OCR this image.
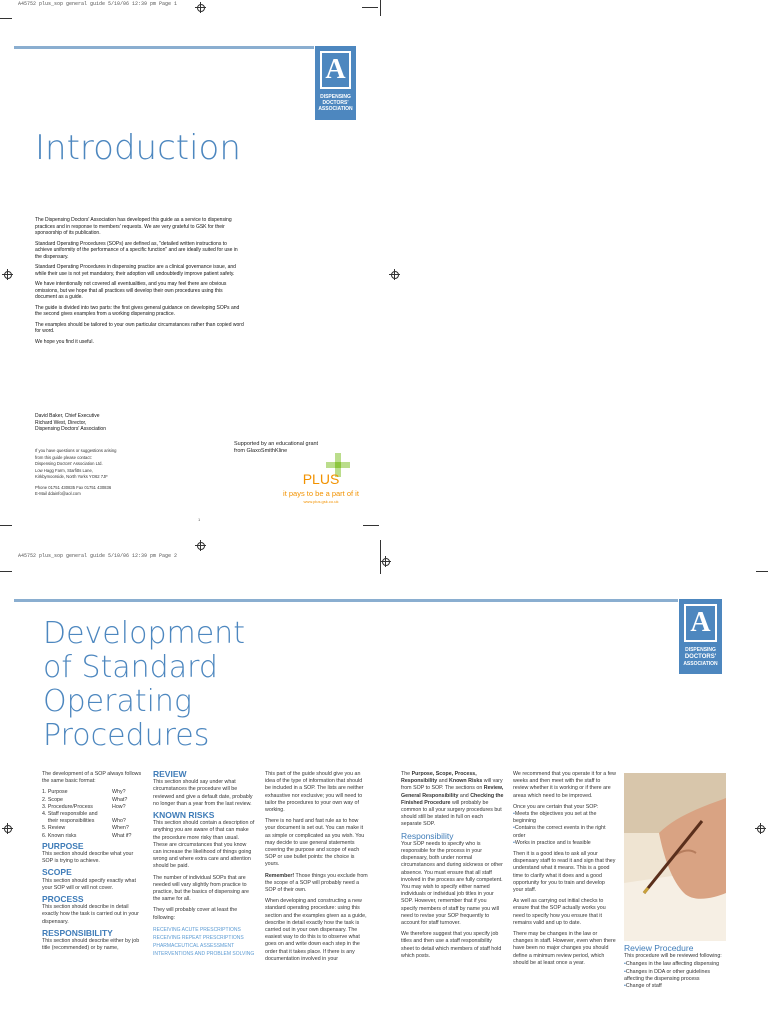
A45752 plus_sop general guide 5/10/06 12:39 pm Page 1
A
DISPENSING
DOCTORS'
ASSOCIATION
Introduction

The Dispensing Doctors' Association has developed this guide as a service to dispensing practices and in response to members' requests. We are very grateful to GSK for their sponsorship of its publication.

Standard Operating Procedures (SOPs) are defined as, "detailed written instructions to achieve uniformity of the performance of a specific function" and are ideally suited for use in the dispensary.

Standard Operating Procedures in dispensing practice are a clinical governance issue, and while their use is not yet mandatory, their adoption will undoubtedly improve patient safety.

We have intentionally not covered all eventualities, and you may feel there are obvious omissions, but we hope that all practices will develop their own procedures using this document as a guide.

The guide is divided into two parts: the first gives general guidance on developing SOPs and the second gives examples from a working dispensing practice.

The examples should be tailored to your own particular circumstances rather than copied word for word.

We hope you find it useful.

David Baker, Chief Executive

Richard West, Director,

Dispensing Doctors' Association

If you have questions or suggestions arising
from this guide please contact:
Dispensing Doctors' Association Ltd.
Low Hagg Farm, Starfitts Lane,
Kirkbymoorside, North Yorks YO62 7JF
Phone 01751 430835 Fax 01751 430836
E-Mail ddainfo@aol.com
Supported by an educational grant
from GlaxoSmithKline
PLUS
it pays to be a part of it
www.plus.gsk.co.uk
1
A45752 plus_sop general guide 5/10/06 12:39 pm Page 2
A
DISPENSING
DOCTORS'
ASSOCIATION
Development
of Standard
Operating
Procedures

The development of a SOP always follows the same basic format:

1. Purpose	Why?
2. Scope	What?
3. Procedure/Process	How?
4. Staff responsible and
their responsibilities	Who?
5. Review	When?
6. Known risks	What if?
PURPOSE

This section should describe what your SOP is trying to achieve.

SCOPE

This section should specify exactly what your SOP will or will not cover.

PROCESS

This section should describe in detail exactly how the task is carried out in your dispensary.

RESPONSIBILITY

This section should describe either by job title (recommended) or by name,

REVIEW

This section should say under what circumstances the procedure will be reviewed and give a default date, probably no longer than a year from the last review.

KNOWN RISKS

This section should contain a description of anything you are aware of that can make the procedure more risky than usual. These are circumstances that you know can increase the likelihood of things going wrong and where extra care and attention should be paid.

The number of individual SOPs that are needed will vary slightly from practice to practice, but the basics of dispensing are the same for all.

They will probably cover at least the following:

RECEIVING ACUTE PRESCRIPTIONS
RECEIVING REPEAT PRESCRIPTIONS
PHARMACEUTICAL ASSESSMENT
INTERVENTIONS AND PROBLEM SOLVING

This part of the guide should give you an idea of the type of information that should be included in a SOP. The lists are neither exhaustive nor exclusive; you will need to tailor the procedures to your own way of working.

There is no hard and fast rule as to how your document is set out. You can make it as simple or complicated as you wish. You may decide to use general statements covering the purpose and scope of each SOP or use bullet points: the choice is yours.

Remember! Those things you exclude from the scope of a SOP will probably need a SOP of their own.

When developing and constructing a new standard operating procedure: using this section and the examples given as a guide, describe in detail exactly how the task is carried out in your own dispensary. The easiest way to do this is to observe what goes on and write down each step in the order that it takes place. If there is any documentation involved in your

The Purpose, Scope, Process, Responsibility and Known Risks will vary from SOP to SOP. The sections on Review, General Responsibility and Checking the Finished Procedure will probably be common to all your surgery procedures but should still be stated in full on each separate SOP.

Responsibility

Your SOP needs to specify who is responsible for the process in your dispensary, both under normal circumstances and during sickness or other absence. You must ensure that all staff involved in the process are fully competent. You may wish to specify either named individuals or individual job titles in your SOP. However, remember that if you specify members of staff by name you will need to revise your SOP frequently to account for staff turnover.

We therefore suggest that you specify job titles and then use a staff responsibility sheet to detail which members of staff hold which posts.

We recommend that you operate it for a few weeks and then meet with the staff to review whether it is working or if there are areas which need to be improved.

Once you are certain that your SOP:

• Meets the objectives you set at the beginning
• Contains the correct events in the right order
• Works in practice and is feasible

Then it is a good idea to ask all your dispensary staff to read it and sign that they understand what it means. This is a good time to clarify what it does and a good opportunity for you to train and develop your staff.

As well as carrying out initial checks to ensure that the SOP actually works you need to specify how you ensure that it remains valid and up to date.

There may be changes in the law or changes in staff. However, even when there have been no major changes you should define a minimum review period, which should be at least once a year.

Review Procedure

This procedure will be reviewed following:

• Changes in the law affecting dispensing
• Changes in DDA or other guidelines affecting the dispensing process
• Change of staff
